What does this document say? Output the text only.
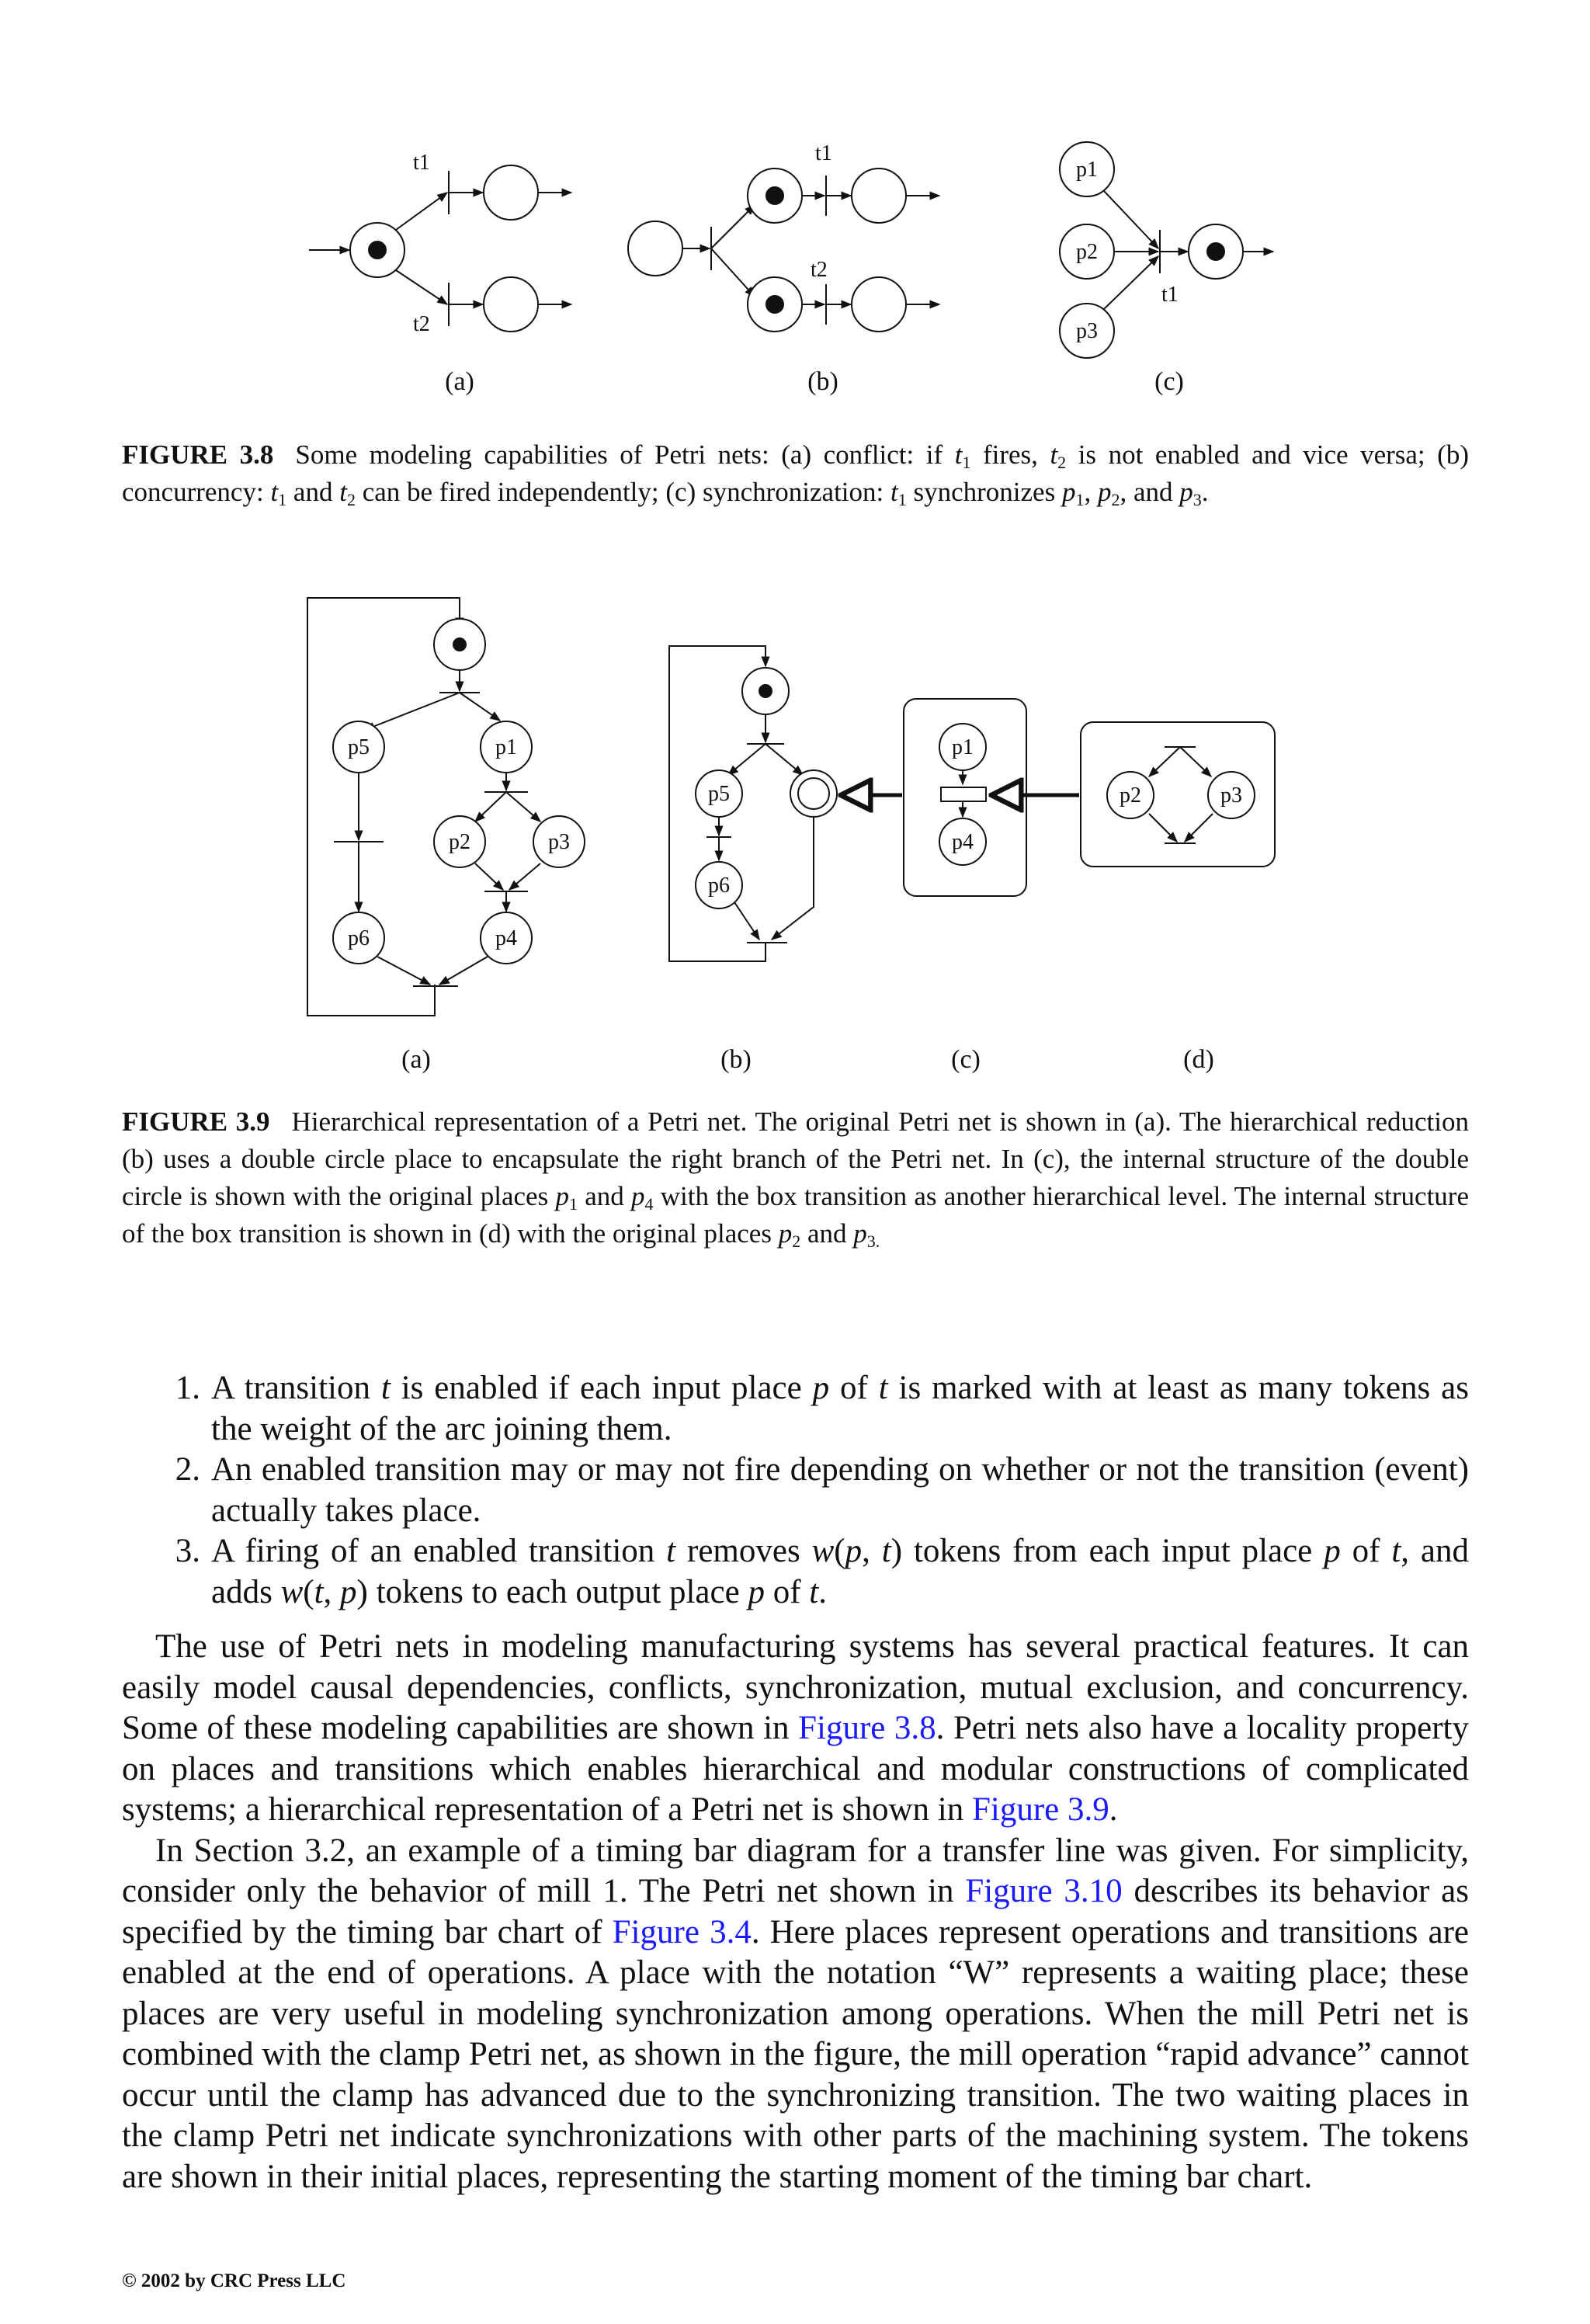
t1
t2
t1
t2
p1
p2
p3
t1
(a)	(b)	(c)
FIGURE 3.8 Some modeling capabilities of Petri nets: (a) conflict: if $t_1$ fires, $t_2$ is not enabled and vice versa; (b) concurrency: $t_1$ and $t_2$ can be fired independently; (c) synchronization: $t_1$ synchronizes $p_1$, $p_2$, and $p_3$.
p5	p1
p2	p3
p6	p4
p5
p6
p1
p4
p2	p3
(a)	(b)	(c)	(d)
FIGURE 3.9 Hierarchical representation of a Petri net. The original Petri net is shown in (a). The hierarchical reduction (b) uses a double circle place to encapsulate the right branch of the Petri net. In (c), the internal structure of the double circle is shown with the original places $p_1$ and $p_4$ with the box transition as another hierarchical level. The internal structure of the box transition is shown in (d) with the original places $p_2$ and $p_{3.}$
1. A transition t is enabled if each input place p of t is marked with at least as many tokens as the weight of the arc joining them.
2. An enabled transition may or may not fire depending on whether or not the transition (event) actually takes place.
3. A firing of an enabled transition t removes w(p, t) tokens from each input place p of t, and adds w(t, p) tokens to each output place p of t.

The use of Petri nets in modeling manufacturing systems has several practical features. It can easily model causal dependencies, conflicts, synchronization, mutual exclusion, and concurrency. Some of these modeling capabilities are shown in Figure 3.8. Petri nets also have a locality property on places and transitions which enables hierarchical and modular constructions of complicated systems; a hierarchical representation of a Petri net is shown in Figure 3.9.

In Section 3.2, an example of a timing bar diagram for a transfer line was given. For simplicity, consider only the behavior of mill 1. The Petri net shown in Figure 3.10 describes its behavior as specified by the timing bar chart of Figure 3.4. Here places represent operations and transitions are enabled at the end of operations. A place with the notation “W” represents a waiting place; these places are very useful in modeling synchronization among operations. When the mill Petri net is combined with the clamp Petri net, as shown in the figure, the mill operation “rapid advance” cannot occur until the clamp has advanced due to the synchronizing transition. The two waiting places in the clamp Petri net indicate synchronizations with other parts of the machining system. The tokens are shown in their initial places, representing the starting moment of the timing bar chart.

© 2002 by CRC Press LLC
